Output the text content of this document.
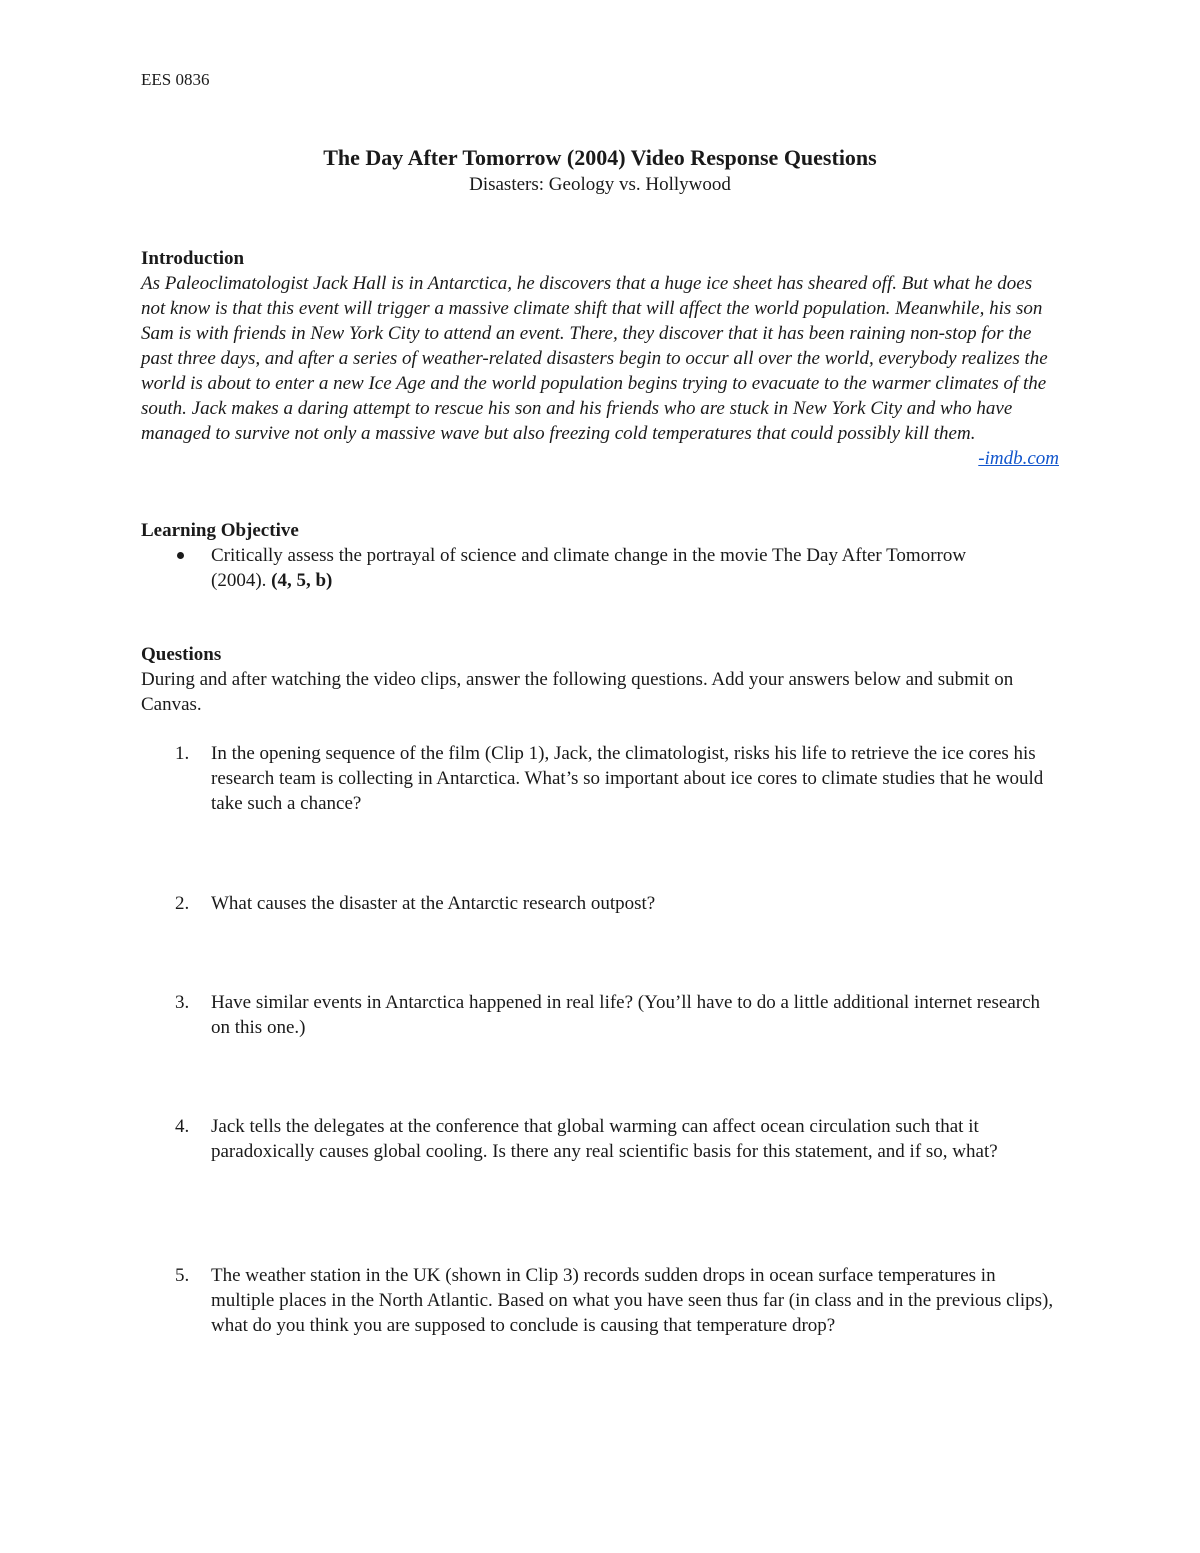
EES 0836
The Day After Tomorrow (2004) Video Response Questions
Disasters: Geology vs. Hollywood
Introduction
As Paleoclimatologist Jack Hall is in Antarctica, he discovers that a huge ice sheet has sheared off. But what he does not know is that this event will trigger a massive climate shift that will affect the world population. Meanwhile, his son Sam is with friends in New York City to attend an event. There, they discover that it has been raining non-stop for the past three days, and after a series of weather-related disasters begin to occur all over the world, everybody realizes the world is about to enter a new Ice Age and the world population begins trying to evacuate to the warmer climates of the south. Jack makes a daring attempt to rescue his son and his friends who are stuck in New York City and who have managed to survive not only a massive wave but also freezing cold temperatures that could possibly kill them.
-imdb.com
Learning Objective
Critically assess the portrayal of science and climate change in the movie The Day After Tomorrow (2004). (4, 5, b)
Questions
During and after watching the video clips, answer the following questions. Add your answers below and submit on Canvas.
1. In the opening sequence of the film (Clip 1), Jack, the climatologist, risks his life to retrieve the ice cores his research team is collecting in Antarctica. What’s so important about ice cores to climate studies that he would take such a chance?
2. What causes the disaster at the Antarctic research outpost?
3. Have similar events in Antarctica happened in real life? (You’ll have to do a little additional internet research on this one.)
4. Jack tells the delegates at the conference that global warming can affect ocean circulation such that it paradoxically causes global cooling. Is there any real scientific basis for this statement, and if so, what?
5. The weather station in the UK (shown in Clip 3) records sudden drops in ocean surface temperatures in multiple places in the North Atlantic. Based on what you have seen thus far (in class and in the previous clips), what do you think you are supposed to conclude is causing that temperature drop?
